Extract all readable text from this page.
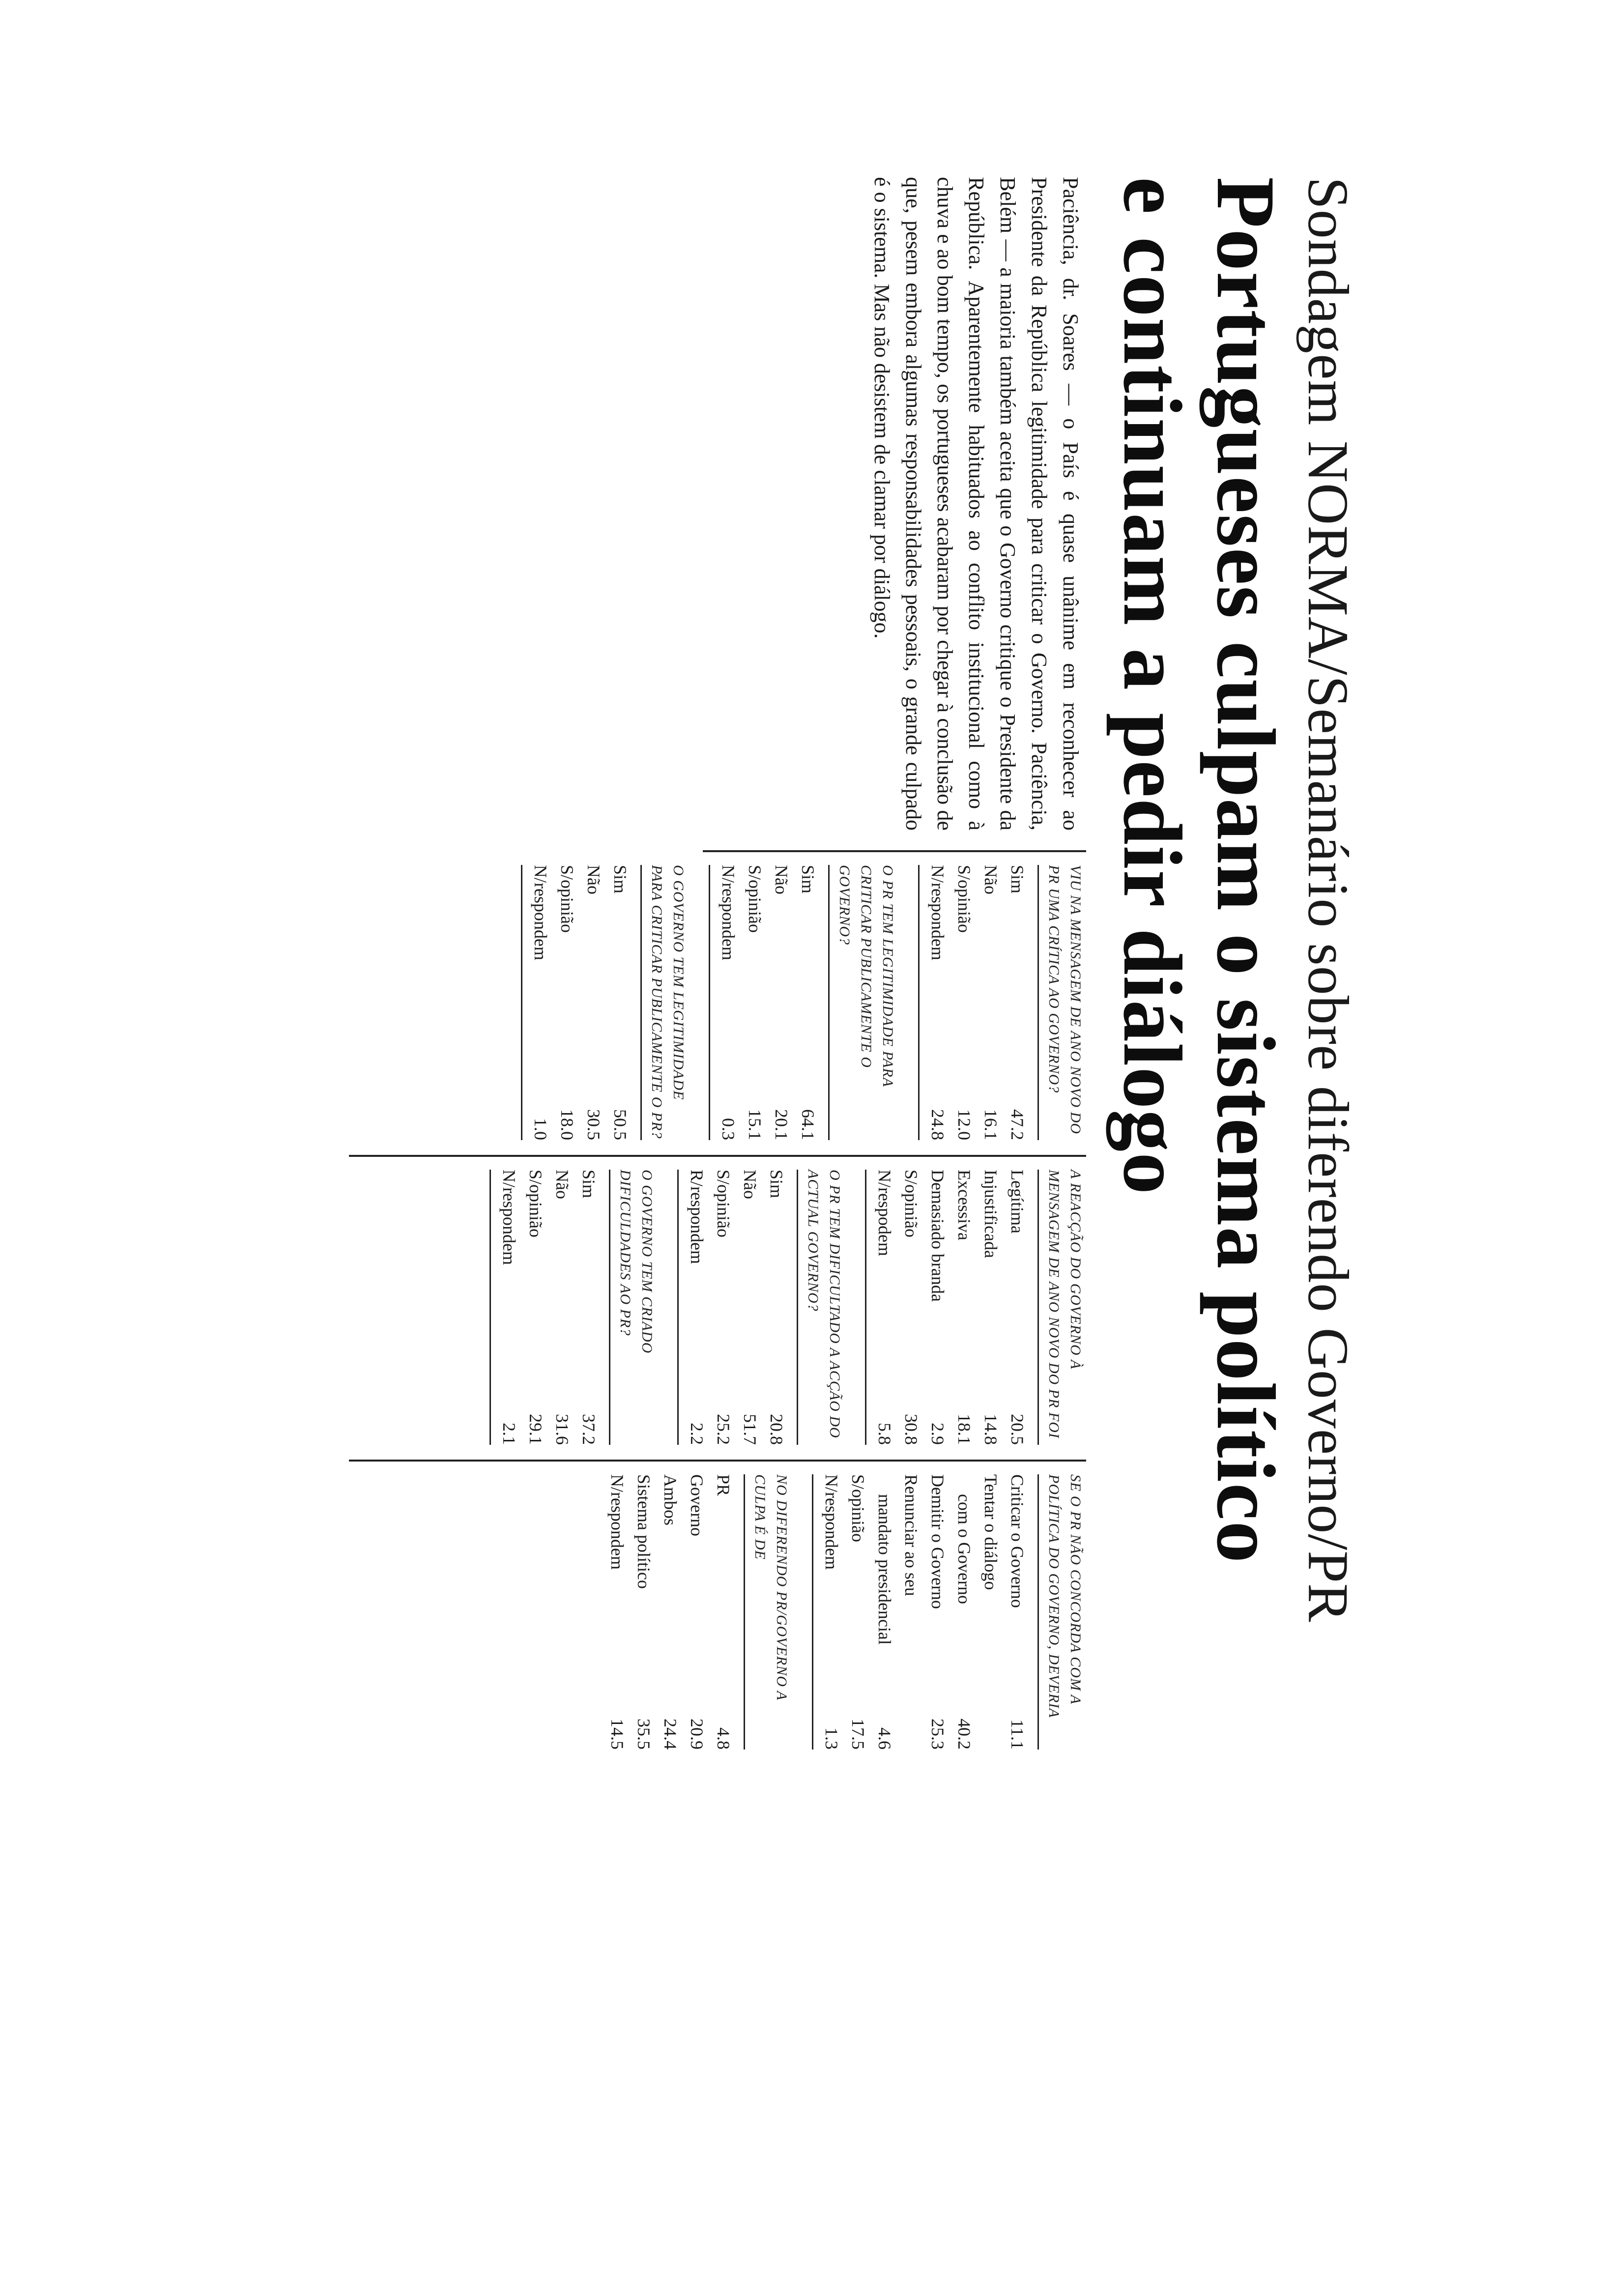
Sondagem NORMA/Semanário sobre diferendo Governo/PR
Portugueses culpam o sistema político
e continuam a pedir diálogo
Paciência, dr. Soares — o País é quase unânime em reconhecer ao Presidente da República legitimidade para criticar o Governo. Paciência, Belém — a maioria também aceita que o Governo critique o Presidente da República. Aparentemente habituados ao conflito institucional como à chuva e ao bom tempo, os portugueses acabaram por chegar à conclusão de que, pesem embora algumas responsabilidades pessoais, o grande culpado é o sistema. Mas não desistem de clamar por diálogo.
VIU NA MENSAGEM DE ANO NOVO DO PR UMA CRÍTICA AO GOVERNO?
Sim
47.2
Não
16.1
S/opinião
12.0
N/respondem
24.8
O PR TEM LEGITIMIDADE PARA CRITICAR PUBLICAMENTE O GOVERNO?
Sim
64.1
Não
20.1
S/opinião
15.1
N/respondem
0.3
O GOVERNO TEM LEGITIMIDADE PARA CRITICAR PUBLICAMENTE O PR?
Sim
50.5
Não
30.5
S/opinião
18.0
N/respondem
1.0
A REACÇÃO DO GOVERNO À MENSAGEM DE ANO NOVO DO PR FOI
Legítima
20.5
Injustificada
14.8
Excessiva
18.1
Demasiado branda
2.9
S/opinião
30.8
N/respodem
5.8
O PR TEM DIFICULTADO A ACÇÃO DO ACTUAL GOVERNO?
Sim
20.8
Não
51.7
S/opinião
25.2
R/respondem
2.2
O GOVERNO TEM CRIADO DIFICULDADES AO PR?
Sim
37.2
Não
31.6
S/opinião
29.1
N/respondem
2.1
SE O PR NÃO CONCORDA COM A POLÍTICA DO GOVERNO, DEVERIA
Criticar o Governo
11.1
Tentar o diálogo
com o Governo
40.2
Demitir o Governo
25.3
Renunciar ao seu
mandato presidencial
4.6
S/opinião
17.5
N/respondem
1.3
NO DIFERENDO PR/GOVERNO A CULPA É DE
PR
4.8
Governo
20.9
Ambos
24.4
Sistema político
35.5
N/respondem
14.5
